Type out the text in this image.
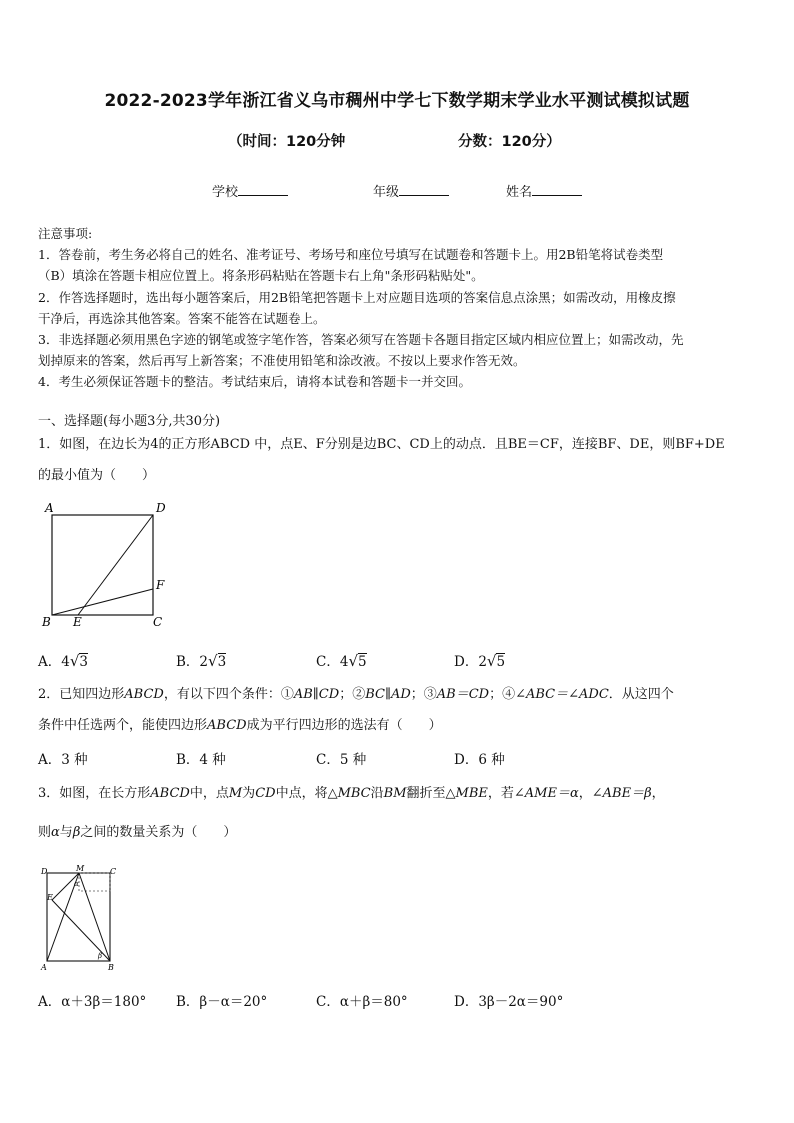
2022-2023学年浙江省义乌市稠州中学七下数学期末学业水平测试模拟试题
（时间：120分钟	分数：120分）
学校	年级	姓名

注意事项:

1．答卷前，考生务必将自己的姓名、准考证号、考场号和座位号填写在试题卷和答题卡上。用2B铅笔将试卷类型

（B）填涂在答题卡相应位置上。将条形码粘贴在答题卡右上角"条形码粘贴处"。

2．作答选择题时，选出每小题答案后，用2B铅笔把答题卡上对应题目选项的答案信息点涂黑；如需改动，用橡皮擦

干净后，再选涂其他答案。答案不能答在试题卷上。

3．非选择题必须用黑色字迹的钢笔或签字笔作答，答案必须写在答题卡各题目指定区域内相应位置上；如需改动，先

划掉原来的答案，然后再写上新答案；不准使用铅笔和涂改液。不按以上要求作答无效。

4．考生必须保证答题卡的整洁。考试结束后，请将本试卷和答题卡一并交回。

一、选择题(每小题3分,共30分)
1．如图，在边长为4的正方形ABCD 中，点E、F分别是边BC、CD上的动点．且BE＝CF，连接BF、DE，则BF+DE
的最小值为（　　）
A	D
F
B E	C
A．4√3	B．2√3	C．4√5	D．2√5
2．已知四边形ABCD，有以下四个条件：①AB∥CD；②BC∥AD；③AB＝CD；④∠ABC＝∠ADC．从这四个
条件中任选两个，能使四边形ABCD成为平行四边形的选法有（　　）
A．3 种	B．4 种	C．5 种	D．6 种
3．如图，在长方形ABCD中，点M为CD中点，将△MBC沿BM翻折至△MBE，若∠AME＝α，∠ABE＝β，
则α与β之间的数量关系为（　　）
D	M	C
E
A	B
α
β
A．α＋3β＝180° B．β－α＝20°	C．α＋β＝80°	D．3β－2α＝90°
